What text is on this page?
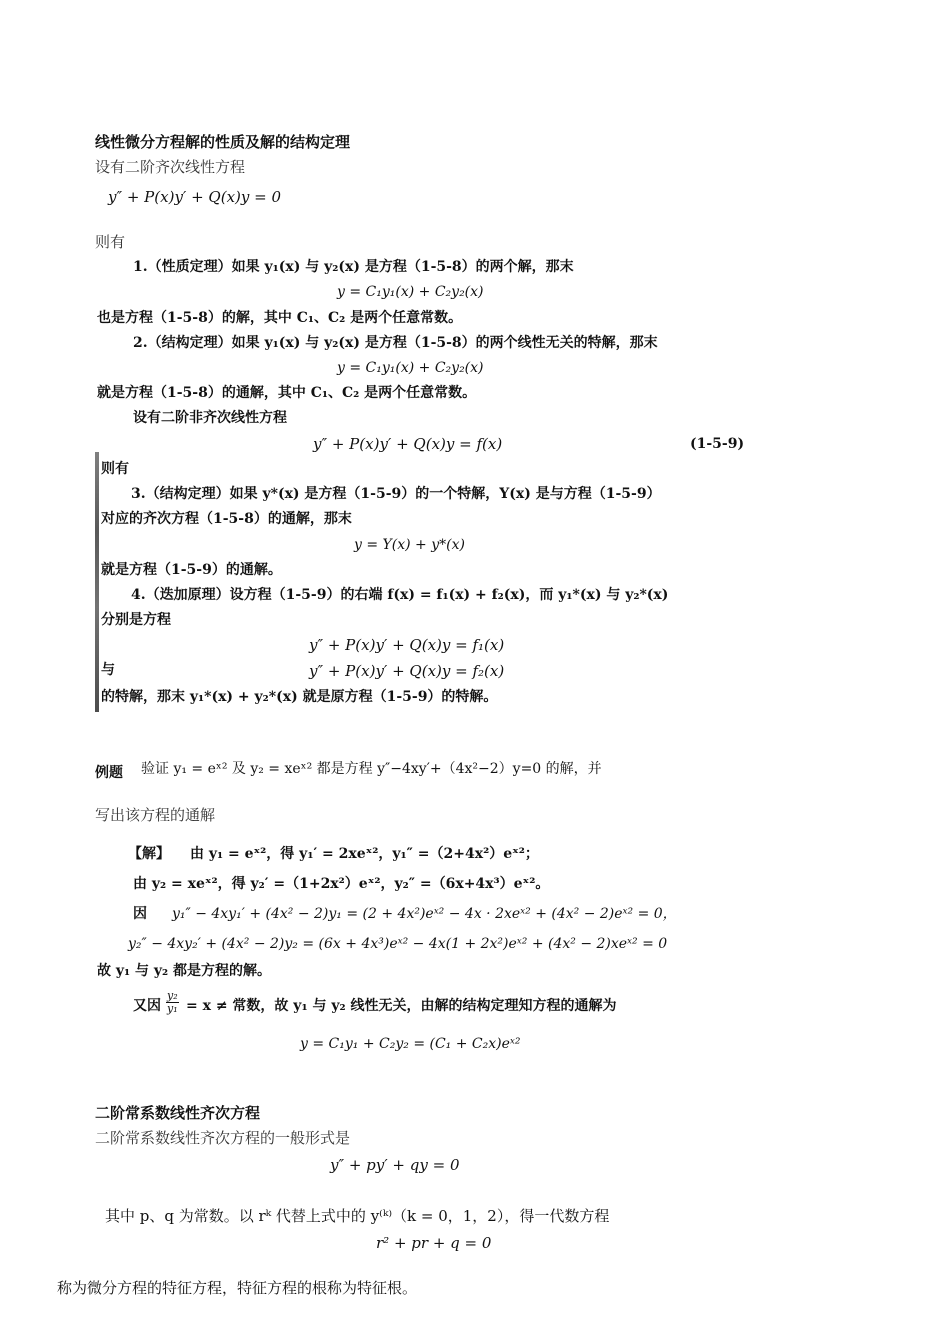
线性微分方程解的性质及解的结构定理
设有二阶齐次线性方程
y″ + P(x)y′ + Q(x)y = 0
则有
1.（性质定理）如果 y₁(x) 与 y₂(x) 是方程（1-5-8）的两个解，那末
y = C₁y₁(x) + C₂y₂(x)
也是方程（1-5-8）的解，其中 C₁、C₂ 是两个任意常数。
2.（结构定理）如果 y₁(x) 与 y₂(x) 是方程（1-5-8）的两个线性无关的特解，那末
y = C₁y₁(x) + C₂y₂(x)
就是方程（1-5-8）的通解，其中 C₁、C₂ 是两个任意常数。
设有二阶非齐次线性方程
y″ + P(x)y′ + Q(x)y = f(x)	(1-5-9)
则有
3.（结构定理）如果 y*(x) 是方程（1-5-9）的一个特解，Y(x) 是与方程（1-5-9）
对应的齐次方程（1-5-8）的通解，那末
y = Y(x) + y*(x)
就是方程（1-5-9）的通解。
4.（迭加原理）设方程（1-5-9）的右端 f(x) = f₁(x) + f₂(x)，而 y₁*(x) 与 y₂*(x)
分别是方程
y″ + P(x)y′ + Q(x)y = f₁(x)
与	y″ + P(x)y′ + Q(x)y = f₂(x)
的特解，那末 y₁*(x) + y₂*(x) 就是原方程（1-5-9）的特解。
例题 验证 y₁ = eˣ² 及 y₂ = xeˣ² 都是方程 y″−4xy′+（4x²−2）y=0 的解，并
写出该方程的通解
【解】 由 y₁ = eˣ²，得 y₁′ = 2xeˣ²，y₁″ =（2+4x²）eˣ²；
由 y₂ = xeˣ²，得 y₂′ =（1+2x²）eˣ²，y₂″ =（6x+4x³）eˣ²。
因 y₁″ − 4xy₁′ + (4x² − 2)y₁ = (2 + 4x²)eˣ² − 4x · 2xeˣ² + (4x² − 2)eˣ² = 0，
y₂″ − 4xy₂′ + (4x² − 2)y₂ = (6x + 4x³)eˣ² − 4x(1 + 2x²)eˣ² + (4x² − 2)xeˣ² = 0
故 y₁ 与 y₂ 都是方程的解。
又因 $\frac{\text{y₂}}{\text{y₁}} = x$ ≠ 常数，故 y₁ 与 y₂ 线性无关，由解的结构定理知方程的通解为
y = C₁y₁ + C₂y₂ = (C₁ + C₂x)eˣ²
二阶常系数线性齐次方程
二阶常系数线性齐次方程的一般形式是
y″ + py′ + qy = 0
其中 p、q 为常数。以 rᵏ 代替上式中的 y⁽ᵏ⁾（k = 0，1，2），得一代数方程
r² + pr + q = 0
称为微分方程的特征方程，特征方程的根称为特征根。
